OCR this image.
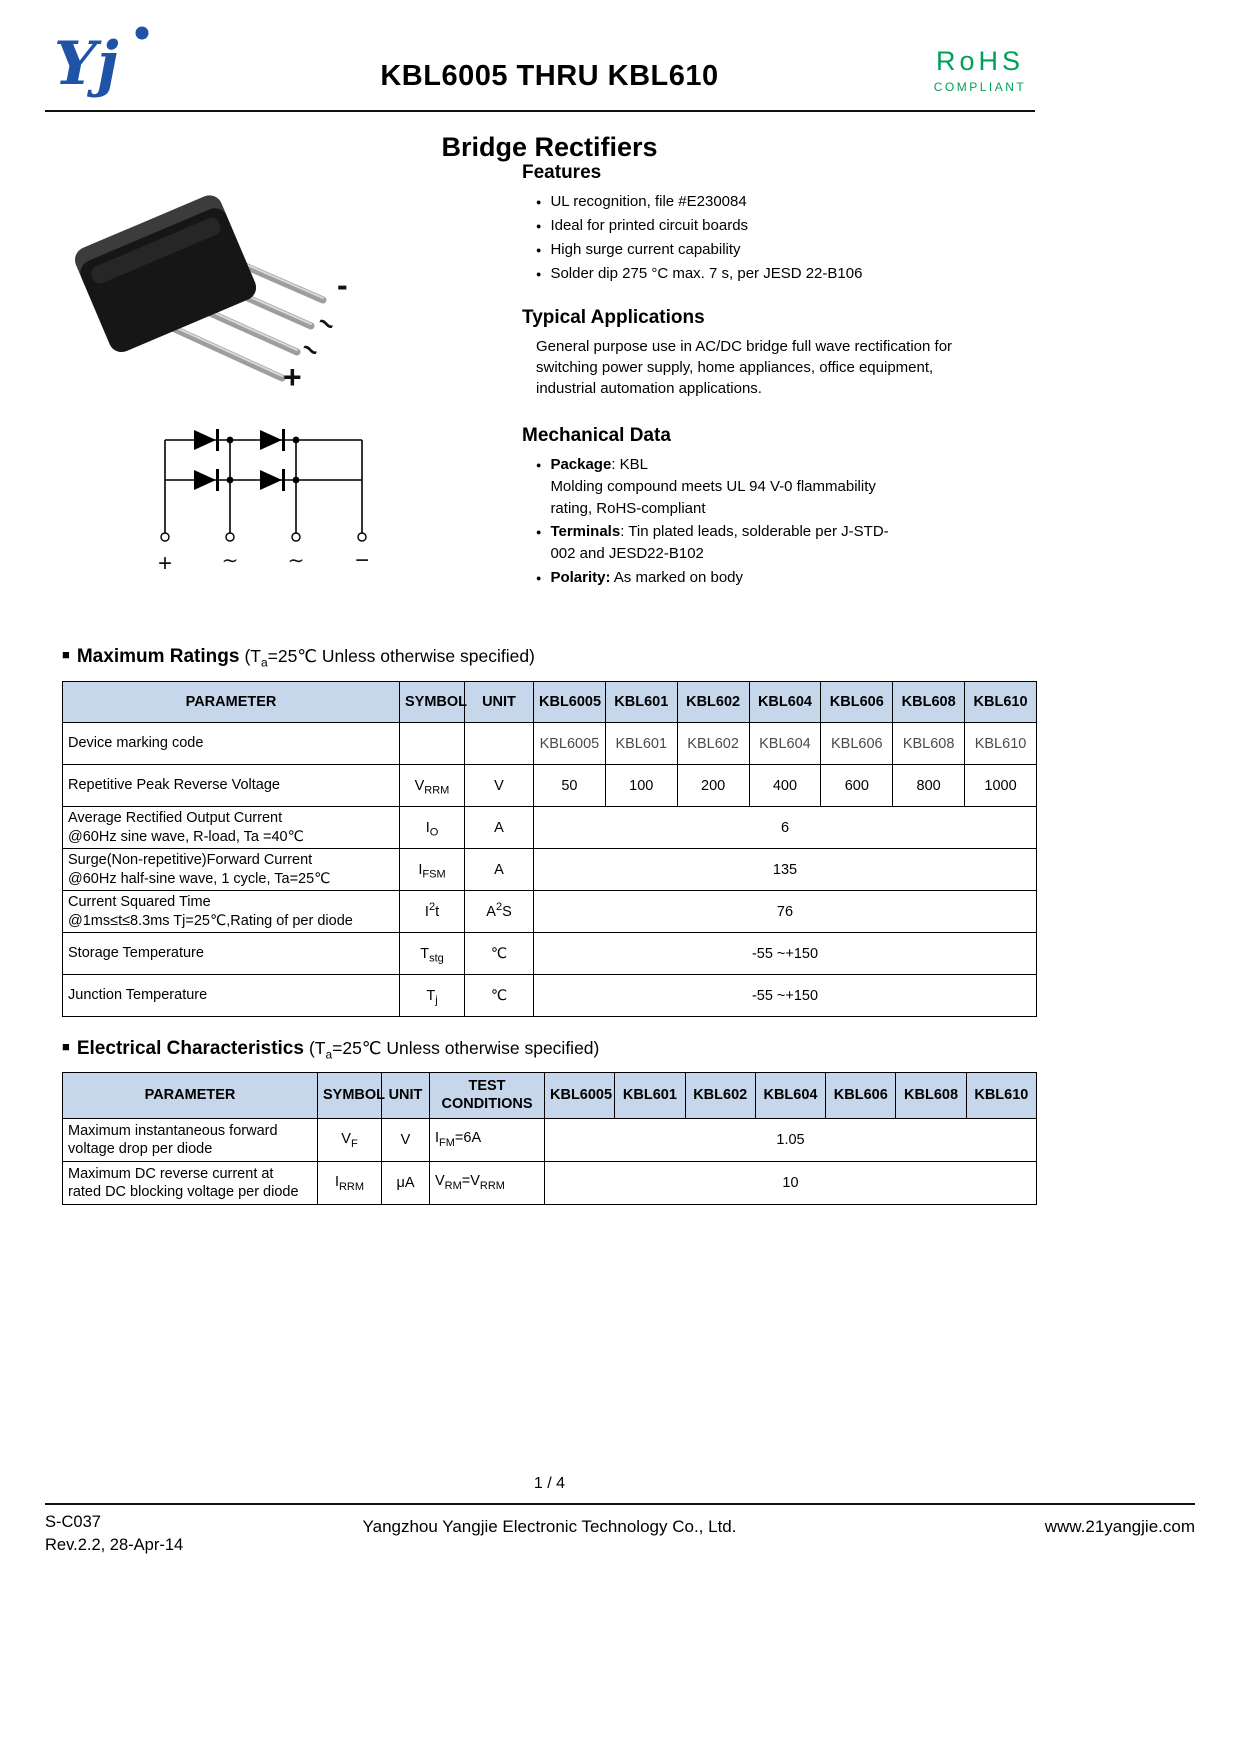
Yj	KBL6005 THRU KBL610	RoHS
COMPLIANT
Bridge Rectifiers
-
~
~
+
+ ∼ ∼ −
Features
● UL recognition, file #E230084
● Ideal for printed circuit boards
● High surge current capability
● Solder dip 275 °C max. 7 s, per JESD 22-B106
Typical Applications

General purpose use in AC/DC bridge full wave rectification for switching power supply, home appliances, office equipment, industrial automation applications.

Mechanical Data
● Package: KBL
Molding compound meets UL 94 V-0 flammability rating, RoHS-compliant
● Terminals: Tin plated leads, solderable per J-STD-002 and JESD22-B102
● Polarity: As marked on body
■ Maximum Ratings ($T_a=25℃$ Unless otherwise specified)
PARAMETER	SYMBOL	UNIT	KBL6005	KBL601	KBL602	KBL604	KBL606	KBL608	KBL610
Device marking code			KBL6005	KBL601	KBL602	KBL604	KBL606	KBL608	KBL610
Repetitive Peak Reverse Voltage	$V_{RRM}$	V	50	100	200	400	600	800	1000

Average Rectified Output Current
@60Hz sine wave, R-load, Ta =40℃	$I_O$	A	6						

Surge(Non-repetitive)Forward Current
@60Hz half-sine wave, 1 cycle, Ta=25℃	$I_{FSM}$	A	135						

Current Squared Time
@1ms≤t≤8.3ms Tj=25℃,Rating of per diode	$I^2t$	$A^2S$	76						
Storage Temperature	$T_{stg}$	℃	-55 ~+150						
Junction Temperature	$T_j$	℃	-55 ~+150						
■ Electrical Characteristics ($T_a=25℃$ Unless otherwise specified)
PARAMETER	SYMBOL	UNIT	TEST CONDITIONS	KBL6005	KBL601	KBL602	KBL604	KBL606	KBL608	KBL610

Maximum instantaneous forward
voltage drop per diode	$V_F$	V	$I_{FM}=6A$	1.05						

Maximum DC reverse current at
rated DC blocking voltage per diode	$I_{RRM}$	μA	$V_{RM}=V_{RRM}$	10						
1 / 4
S-C037
Rev.2.2, 28-Apr-14
Yangzhou Yangjie Electronic Technology Co., Ltd.	www.21yangjie.com
